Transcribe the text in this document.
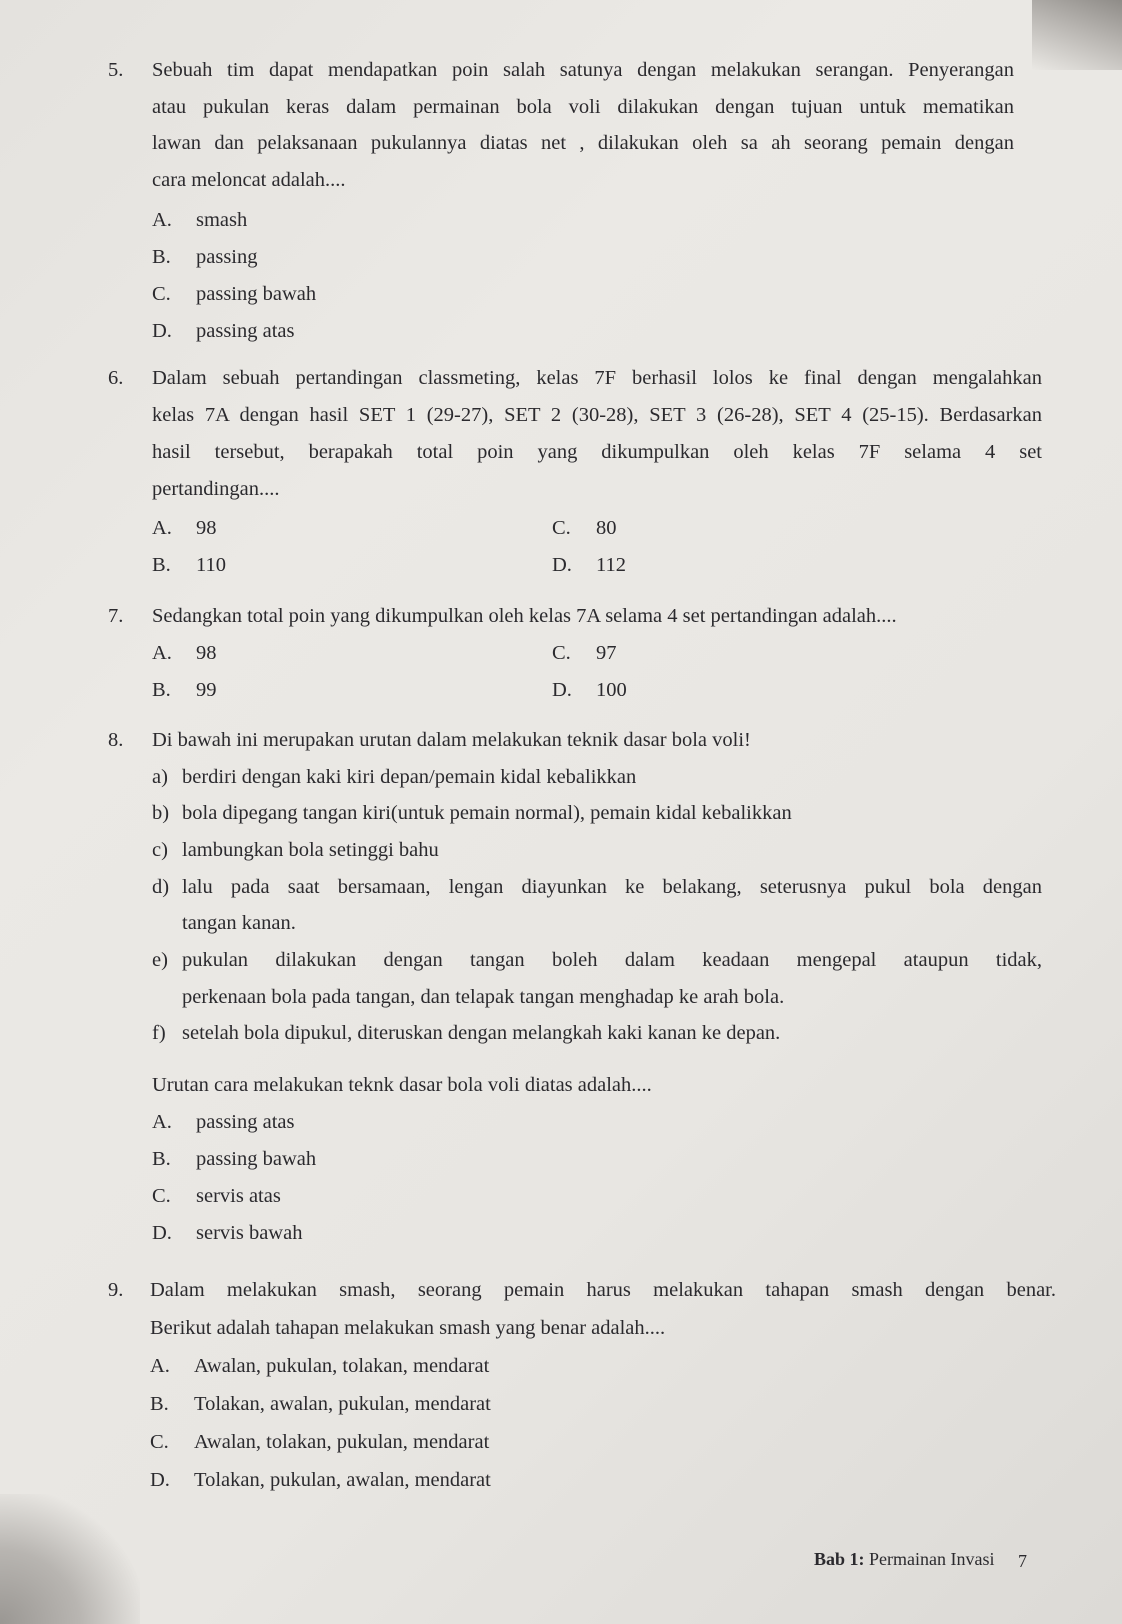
5. Sebuah tim dapat mendapatkan poin salah satunya dengan melakukan serangan. Penyerangan
atau pukulan keras dalam permainan bola voli dilakukan dengan tujuan untuk mematikan
lawan dan pelaksanaan pukulannya diatas net , dilakukan oleh sa ah seorang pemain dengan
cara meloncat adalah....
A. smash
B. passing
C. passing bawah
D. passing atas
6. Dalam sebuah pertandingan classmeting, kelas 7F berhasil lolos ke final dengan mengalahkan
kelas 7A dengan hasil SET 1 (29-27), SET 2 (30-28), SET 3 (26-28), SET 4 (25-15). Berdasarkan
hasil tersebut, berapakah total poin yang dikumpulkan oleh kelas 7F selama 4 set
pertandingan....
A. 98
B. 110
C. 80
D. 112
7. Sedangkan total poin yang dikumpulkan oleh kelas 7A selama 4 set pertandingan adalah....
A. 98
B. 99
C. 97
D. 100
8. Di bawah ini merupakan urutan dalam melakukan teknik dasar bola voli!
a) berdiri dengan kaki kiri depan/pemain kidal kebalikkan
b) bola dipegang tangan kiri(untuk pemain normal), pemain kidal kebalikkan
c) lambungkan bola setinggi bahu
d) lalu pada saat bersamaan, lengan diayunkan ke belakang, seterusnya pukul bola dengan
tangan kanan.
e) pukulan dilakukan dengan tangan boleh dalam keadaan mengepal ataupun tidak,
perkenaan bola pada tangan, dan telapak tangan menghadap ke arah bola.
f) setelah bola dipukul, diteruskan dengan melangkah kaki kanan ke depan.
Urutan cara melakukan teknk dasar bola voli diatas adalah....
A. passing atas
B. passing bawah
C. servis atas
D. servis bawah
9. Dalam melakukan smash, seorang pemain harus melakukan tahapan smash dengan benar.
Berikut adalah tahapan melakukan smash yang benar adalah....
A. Awalan, pukulan, tolakan, mendarat
B. Tolakan, awalan, pukulan, mendarat
C. Awalan, tolakan, pukulan, mendarat
D. Tolakan, pukulan, awalan, mendarat
Bab 1: Permainan Invasi 7
